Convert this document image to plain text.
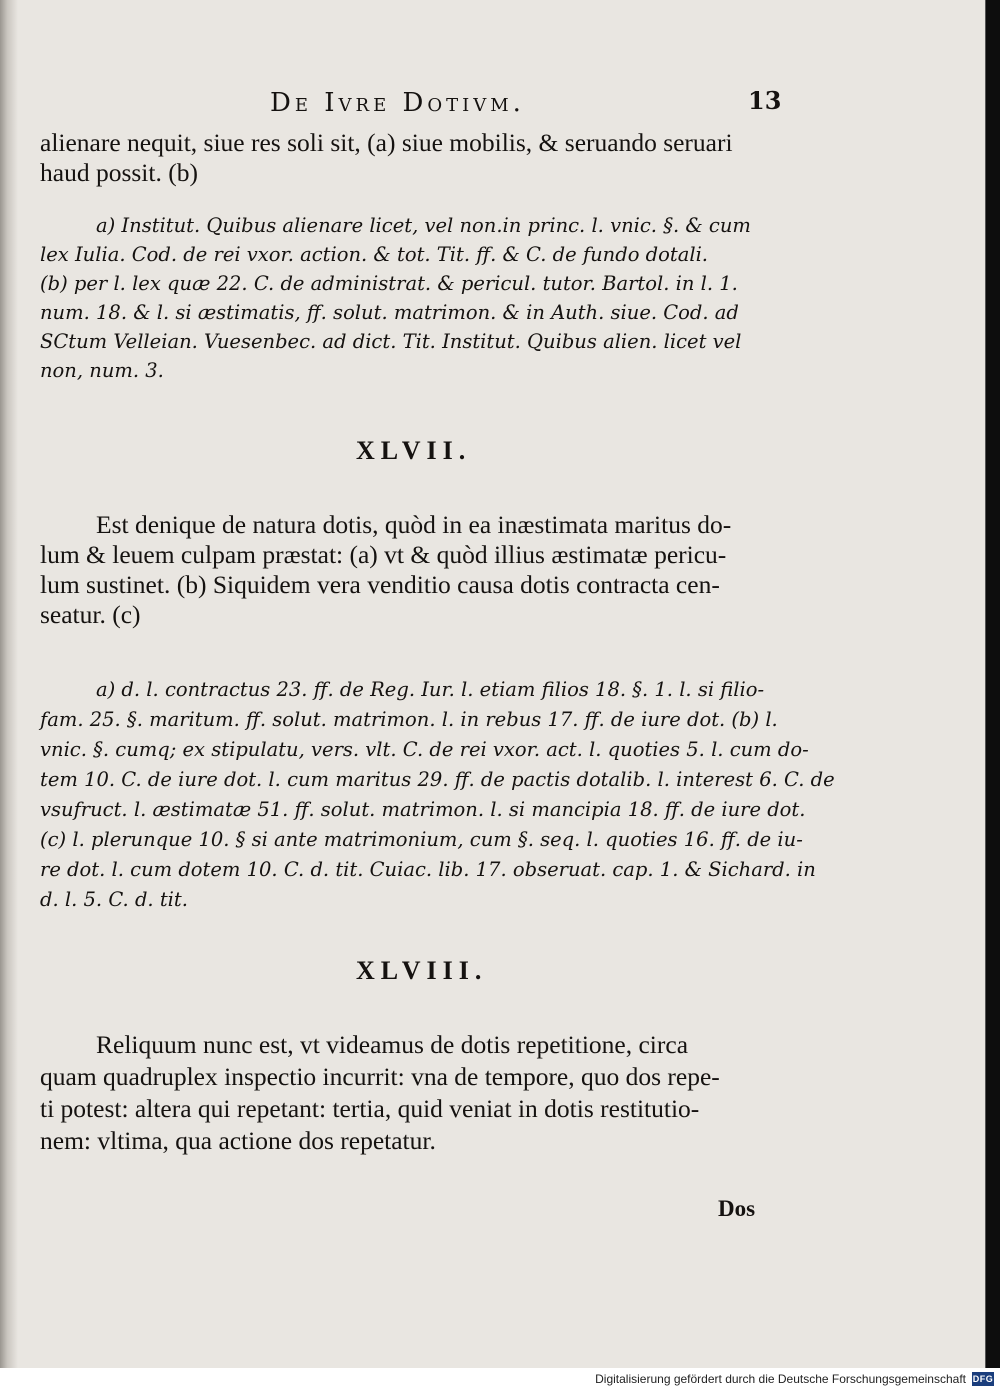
De Ivre Dotivm.	13
alienare nequit, siue res soli sit, (a) siue mobilis, & seruando seruari
haud possit. (b)
a) Institut. Quibus alienare licet, vel non.in princ. l. vnic. §. & cum
lex Iulia. Cod. de rei vxor. action. & tot. Tit. ff. & C. de fundo dotali.
(b) per l. lex quæ 22. C. de administrat. & pericul. tutor. Bartol. in l. 1.
num. 18. & l. si æstimatis, ff. solut. matrimon. & in Auth. siue. Cod. ad
SCtum Velleian. Vuesenbec. ad dict. Tit. Institut. Quibus alien. licet vel
non, num. 3.
XLVII.
Est denique de natura dotis, quòd in ea inæstimata maritus do-
lum & leuem culpam præstat: (a) vt & quòd illius æstimatæ pericu-
lum sustinet. (b) Siquidem vera venditio causa dotis contracta cen-
seatur. (c)
a) d. l. contractus 23. ff. de Reg. Iur. l. etiam filios 18. §. 1. l. si filio-
fam. 25. §. maritum. ff. solut. matrimon. l. in rebus 17. ff. de iure dot. (b) l.
vnic. §. cumq; ex stipulatu, vers. vlt. C. de rei vxor. act. l. quoties 5. l. cum do-
tem 10. C. de iure dot. l. cum maritus 29. ff. de pactis dotalib. l. interest 6. C. de
vsufruct. l. æstimatæ 51. ff. solut. matrimon. l. si mancipia 18. ff. de iure dot.
(c) l. plerunque 10. § si ante matrimonium, cum §. seq. l. quoties 16. ff. de iu-
re dot. l. cum dotem 10. C. d. tit. Cuiac. lib. 17. obseruat. cap. 1. & Sichard. in
d. l. 5. C. d. tit.
XLVIII.
Reliquum nunc est, vt videamus de dotis repetitione, circa
quam quadruplex inspectio incurrit: vna de tempore, quo dos repe-
ti potest: altera qui repetant: tertia, quid veniat in dotis restitutio-
nem: vltima, qua actione dos repetatur.
Dos
Digitalisierung gefördert durch die Deutsche Forschungsgemeinschaft DFG
